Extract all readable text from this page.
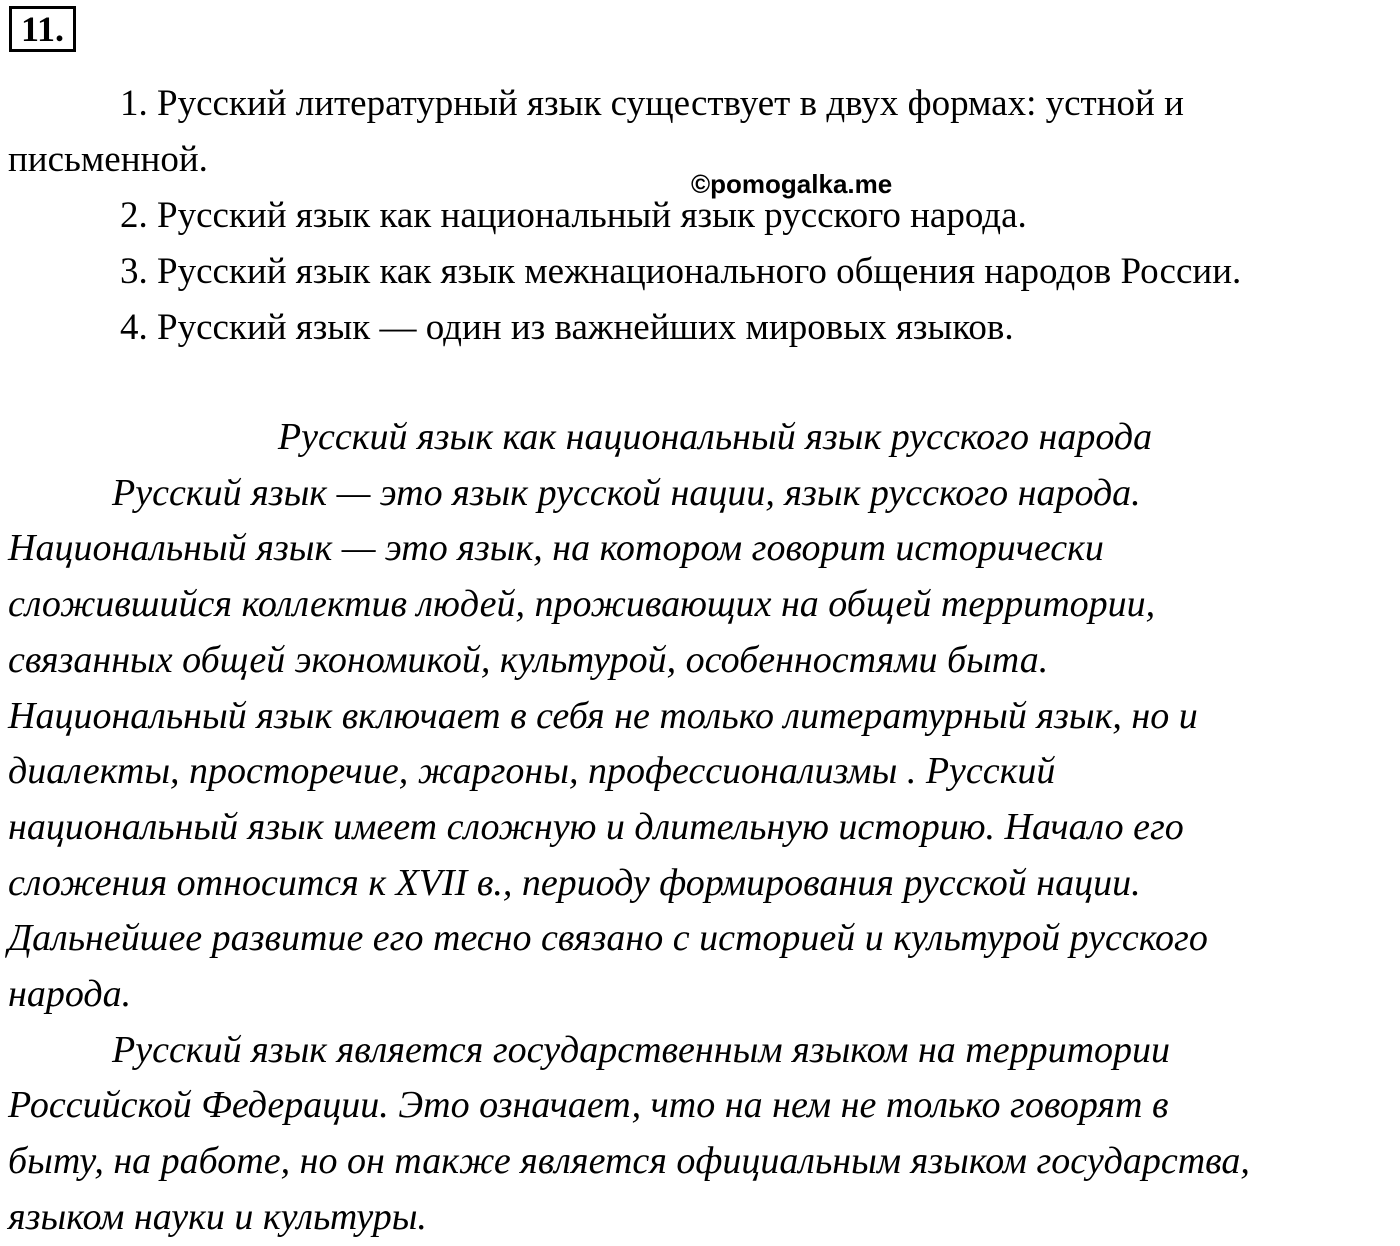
11.

1. Русский литературный язык существует в двух формах: устной и

письменной.

2. Русский язык как национальный язык русского народа.

3. Русский язык как язык межнационального общения народов России.

4. Русский язык — один из важнейших мировых языков.

©pomogalka.me
Русский язык как национальный язык русского народа
Русский язык — это язык русской нации, язык русского народа.
Национальный язык — это язык, на котором говорит исторически
сложившийся коллектив людей, проживающих на общей территории,
связанных общей экономикой, культурой, особенностями быта.
Национальный язык включает в себя не только литературный язык, но и
диалекты, просторечие, жаргоны, профессионализмы . Русский
национальный язык имеет сложную и длительную историю. Начало его
сложения относится к XVII в., периоду формирования русской нации.
Дальнейшее развитие его тесно связано с историей и культурой русского
народа.
Русский язык является государственным языком на территории
Российской Федерации. Это означает, что на нем не только говорят в
быту, на работе, но он также является официальным языком государства,
языком науки и культуры.
